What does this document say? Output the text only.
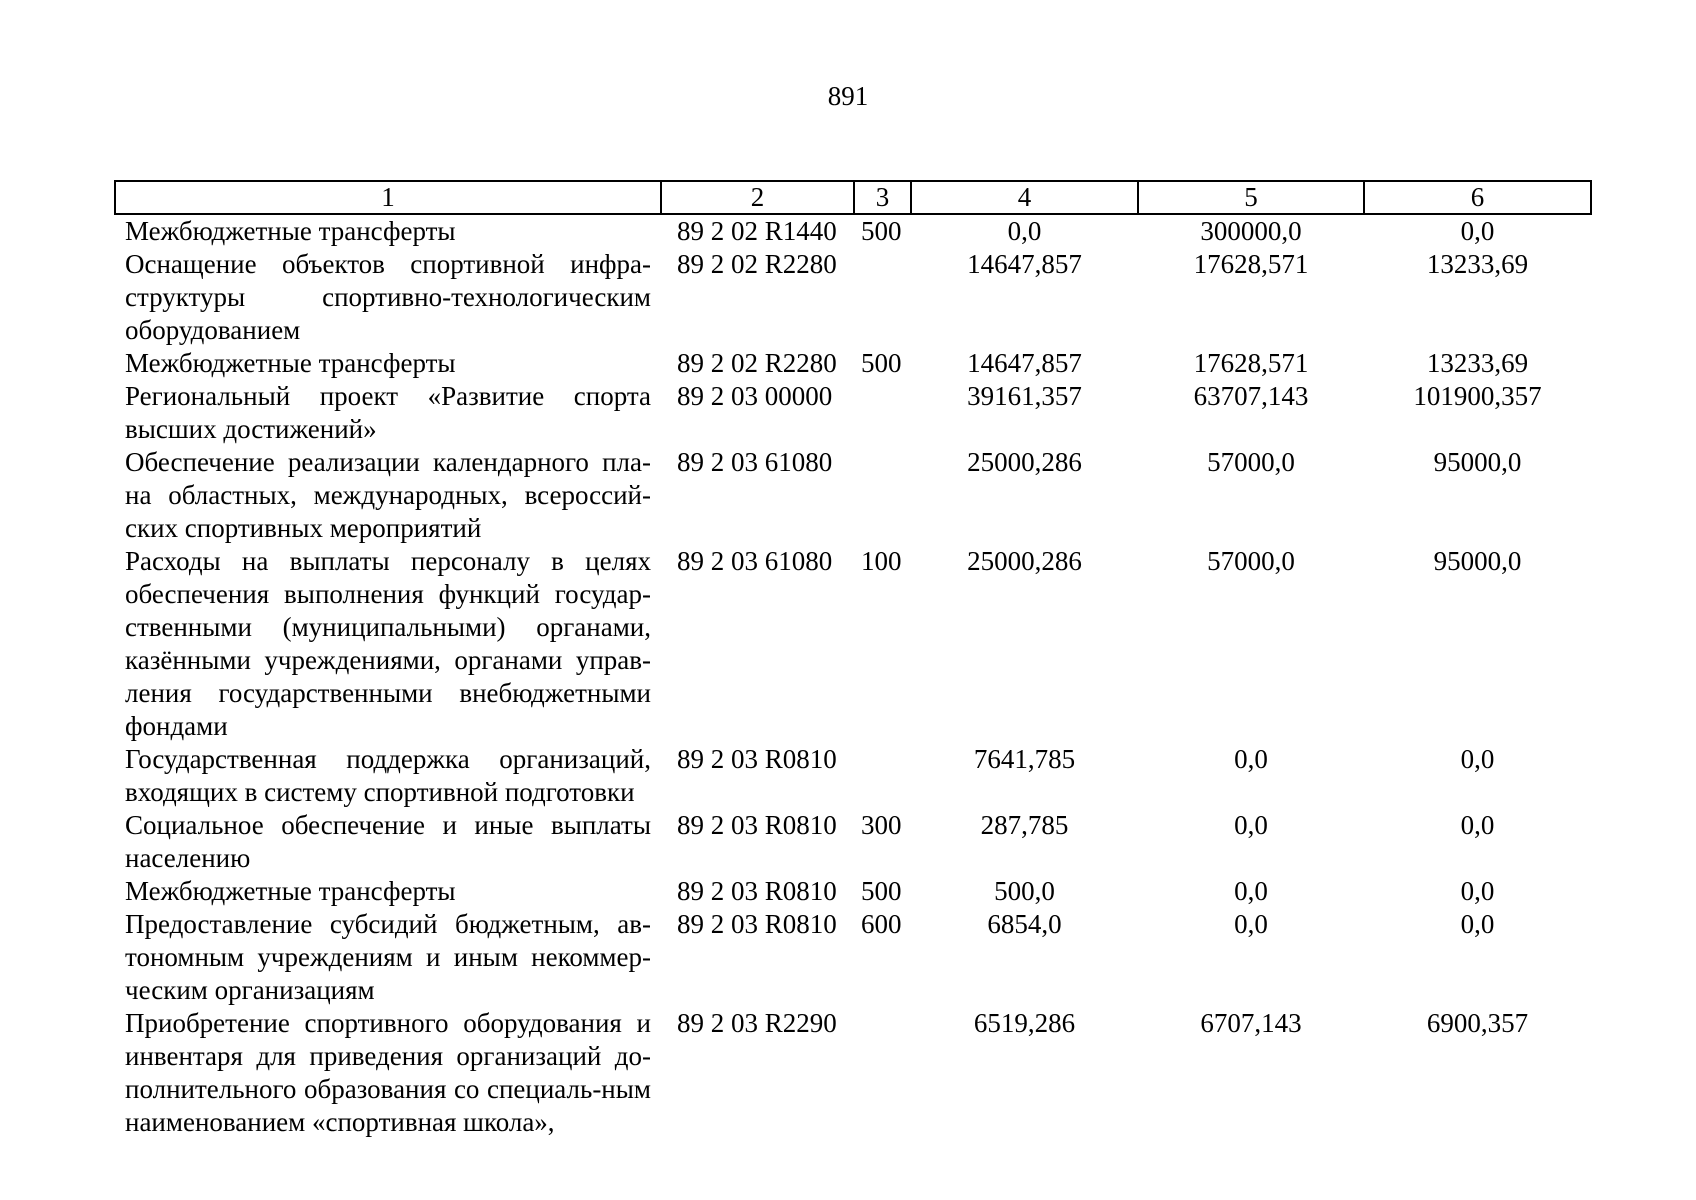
891
1	2	3	4	5	6
Межбюджетные трансферты	89 2 02 R1440	500	0,0	300000,0	0,0
Оснащение объектов спортивной инфра-структуры спортивно-технологическим оборудованием	89 2 02 R2280		14647,857	17628,571	13233,69
Межбюджетные трансферты	89 2 02 R2280	500	14647,857	17628,571	13233,69
Региональный проект «Развитие спорта высших достижений»	89 2 03 00000		39161,357	63707,143	101900,357
Обеспечение реализации календарного пла-на областных, международных, всероссий-ских спортивных мероприятий	89 2 03 61080		25000,286	57000,0	95000,0
Расходы на выплаты персоналу в целях обеспечения выполнения функций государ-ственными (муниципальными) органами, казёнными учреждениями, органами управ-ления государственными внебюджетными фондами	89 2 03 61080	100	25000,286	57000,0	95000,0
Государственная поддержка организаций, входящих в систему спортивной подготовки	89 2 03 R0810		7641,785	0,0	0,0
Социальное обеспечение и иные выплаты населению	89 2 03 R0810	300	287,785	0,0	0,0
Межбюджетные трансферты	89 2 03 R0810	500	500,0	0,0	0,0
Предоставление субсидий бюджетным, ав-тономным учреждениям и иным некоммер-ческим организациям	89 2 03 R0810	600	6854,0	0,0	0,0
Приобретение спортивного оборудования и инвентаря для приведения организаций до-полнительного образования со специаль-ным наименованием «спортивная школа»,	89 2 03 R2290		6519,286	6707,143	6900,357
